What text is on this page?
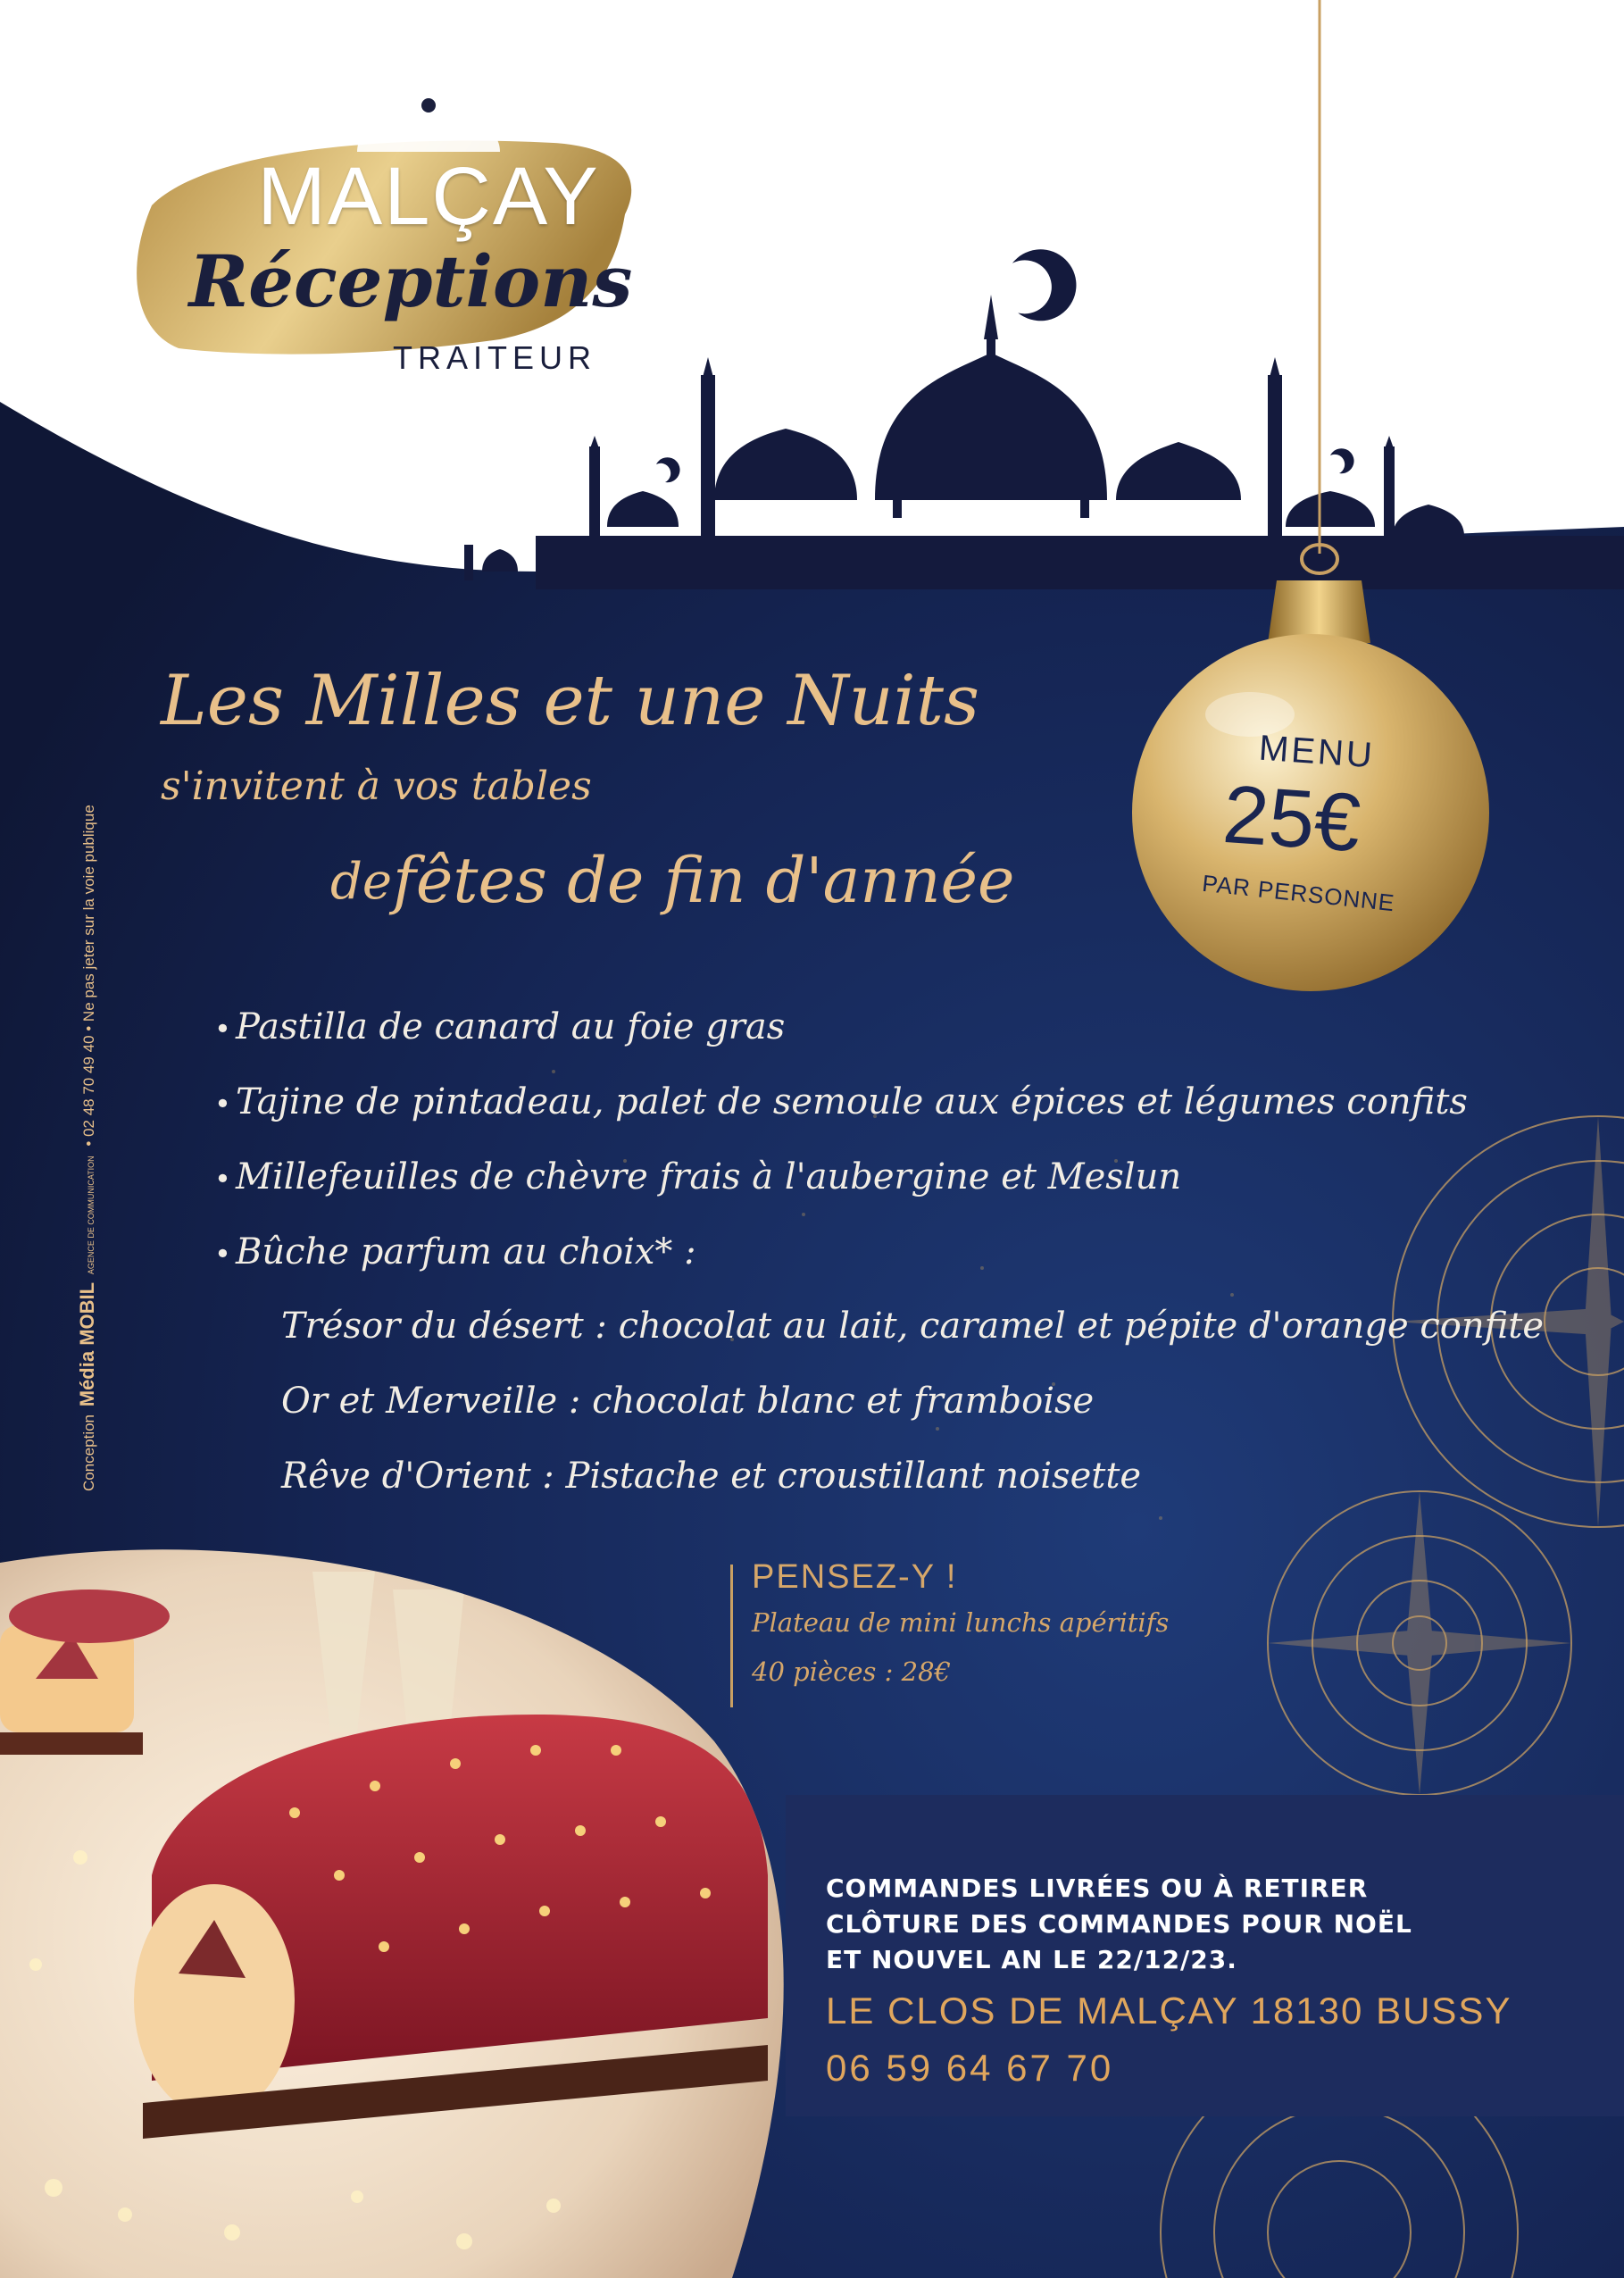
MALÇAY
Réceptions
TRAITEUR
Les Milles et une Nuits
s'invitent à vos tables
de fêtes de fin d'année
MENU
25€
PAR PERSONNE
• Pastilla de canard au foie gras
• Tajine de pintadeau, palet de semoule aux épices et légumes confits
• Millefeuilles de chèvre frais à l'aubergine et Meslun
• Bûche parfum au choix* :
Trésor du désert : chocolat au lait, caramel et pépite d'orange confite
Or et Merveille : chocolat blanc et framboise
Rêve d'Orient : Pistache et croustillant noisette
PENSEZ-Y !
Plateau de mini lunchs apéritifs
40 pièces : 28€
COMMANDES LIVRÉES OU À RETIRER
CLÔTURE DES COMMANDES POUR NOËL
ET NOUVEL AN LE 22/12/23.
LE CLOS DE MALÇAY 18130 BUSSY
06 59 64 67 70
Conception Média MOBIL AGENCE DE COMMUNICATION • 02 48 70 49 40 • Ne pas jeter sur la voie publique
